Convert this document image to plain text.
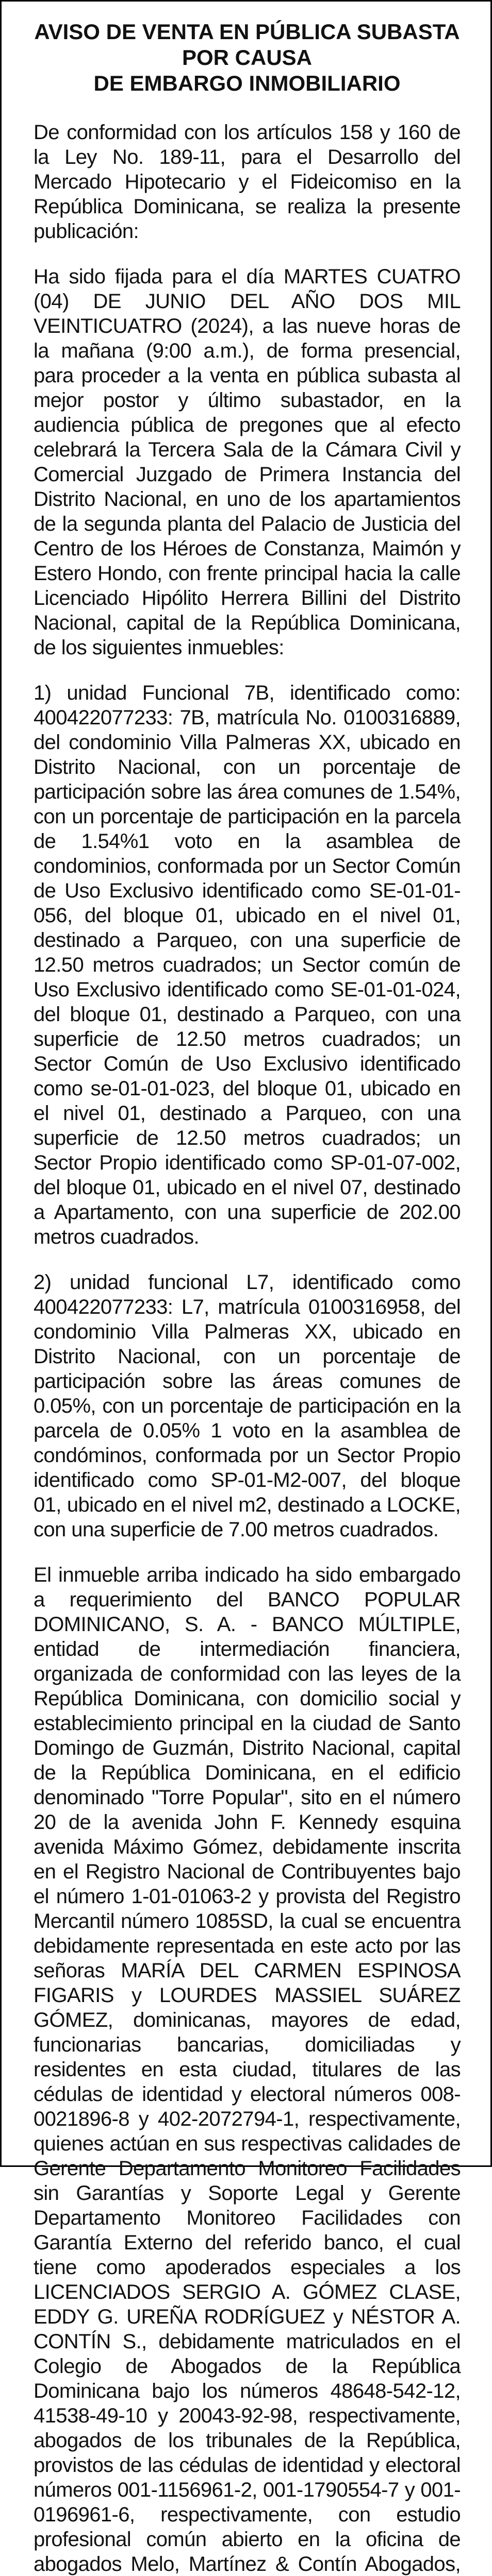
AVISO DE VENTA EN PÚBLICA SUBASTA POR CAUSA
DE EMBARGO INMOBILIARIO

De conformidad con los artículos 158 y 160 de la Ley No. 189-11, para el Desarrollo del Mercado Hipotecario y el Fideicomiso en la República Dominicana, se realiza la presente publicación:

Ha sido fijada para el día MARTES CUATRO (04) DE JUNIO DEL AÑO DOS MIL VEINTICUATRO (2024), a las nueve horas de la mañana (9:00 a.m.), de forma presencial, para proceder a la venta en pública subasta al mejor postor y último subastador, en la audiencia pública de pregones que al efecto celebrará la Tercera Sala de la Cámara Civil y Comercial Juzgado de Primera Instancia del Distrito Nacional, en uno de los apartamientos de la segunda planta del Palacio de Justicia del Centro de los Héroes de Constanza, Maimón y Estero Hondo, con frente principal hacia la calle Licenciado Hipólito Herrera Billini del Distrito Nacional, capital de la República Dominicana, de los siguientes inmuebles:

1) unidad Funcional 7B, identificado como: 400422077233: 7B, matrícula No. 0100316889, del condominio Villa Palmeras XX, ubicado en Distrito Nacional, con un porcentaje de participación sobre las área comunes de 1.54%, con un porcentaje de participación en la parcela de 1.54%1 voto en la asamblea de condominios, conformada por un Sector Común de Uso Exclusivo identificado como SE-01-01-056, del bloque 01, ubicado en el nivel 01, destinado a Parqueo, con una superficie de 12.50 metros cuadrados; un Sector común de Uso Exclusivo identificado como SE-01-01-024, del bloque 01, destinado a Parqueo, con una superficie de 12.50 metros cuadrados; un Sector Común de Uso Exclusivo identificado como se-01-01-023, del bloque 01, ubicado en el nivel 01, destinado a Parqueo, con una superficie de 12.50 metros cuadrados; un Sector Propio identificado como SP-01-07-002, del bloque 01, ubicado en el nivel 07, destinado a Apartamento, con una superficie de 202.00 metros cuadrados.

2) unidad funcional L7, identificado como 400422077233: L7, matrícula 0100316958, del condominio Villa Palmeras XX, ubicado en Distrito Nacional, con un porcentaje de participación sobre las áreas comunes de 0.05%, con un porcentaje de participación en la parcela de 0.05% 1 voto en la asamblea de condóminos, conformada por un Sector Propio identificado como SP-01-M2-007, del bloque 01, ubicado en el nivel m2, destinado a LOCKE, con una superficie de 7.00 metros cuadrados.

El inmueble arriba indicado ha sido embargado a requerimiento del BANCO POPULAR DOMINICANO, S. A. - BANCO MÚLTIPLE, entidad de intermediación financiera, organizada de conformidad con las leyes de la República Dominicana, con domicilio social y establecimiento principal en la ciudad de Santo Domingo de Guzmán, Distrito Nacional, capital de la República Dominicana, en el edificio denominado "Torre Popular", sito en el número 20 de la avenida John F. Kennedy esquina avenida Máximo Gómez, debidamente inscrita en el Registro Nacional de Contribuyentes bajo el número 1-01-01063-2 y provista del Registro Mercantil número 1085SD, la cual se encuentra debidamente representada en este acto por las señoras MARÍA DEL CARMEN ESPINOSA FIGARIS y LOURDES MASSIEL SUÁREZ GÓMEZ, dominicanas, mayores de edad, funcionarias bancarias, domiciliadas y residentes en esta ciudad, titulares de las cédulas de identidad y electoral números 008-0021896-8 y 402-2072794-1, respectivamente, quienes actúan en sus respectivas calidades de Gerente Departamento Monitoreo Facilidades sin Garantías y Soporte Legal y Gerente Departamento Monitoreo Facilidades con Garantía Externo del referido banco, el cual tiene como apoderados especiales a los LICENCIADOS SERGIO A. GÓMEZ CLASE, EDDY G. UREÑA RODRÍGUEZ y NÉSTOR A. CONTÍN S., debidamente matriculados en el Colegio de Abogados de la República Dominicana bajo los números 48648-542-12, 41538-49-10 y 20043-92-98, respectivamente, abogados de los tribunales de la República, provistos de las cédulas de identidad y electoral números 001-1156961-2, 001-1790554-7 y 001-0196961-6, respectivamente, con estudio profesional común abierto en la oficina de abogados Melo, Martínez & Contín Abogados,
